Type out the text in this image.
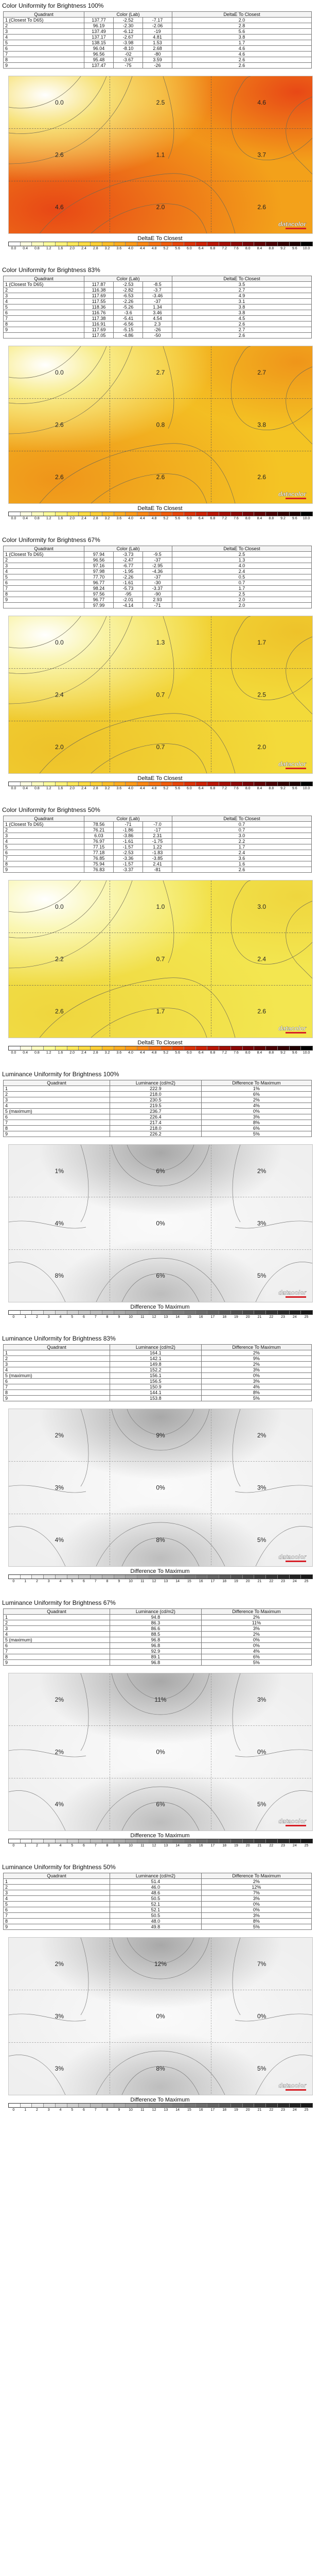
Color Uniformity for Brightness 100%
Quadrant	Color (Lab)			DeltaE To Closest
1 (Closest To D65)	137.77	-2.52	-7.17	2.0
2	96.19	-2.30	-2.06	2.8
3	137.49	-6.12	-19	5.6
4	137.17	-2.67	4.81	3.8
5	138.15	-3.98	1.53	1.7
6	96.04	-8.10	2.68	4.6
7	96.56	-02	-80	4.6
8	95.48	-3.67	3.59	2.6
9	137.47	-75	-26	2.6
0.0	2.5	4.6
2.6	1.1	3.7
4.6	2.0	2.6
datacolor
DeltaE To Closest
0.0	0.4	0.8	1.2	1.6	2.0	2.4	2.8	3.2	3.6	4.0	4.4	4.8	5.2	5.6	6.0	6.4	6.8	7.2	7.6	8.0	8.4	8.8	9.2	9.6	10.0
Color Uniformity for Brightness 83%
Quadrant	Color (Lab)			DeltaE To Closest
1 (Closest To D65)	117.87	-2.53	-8.5	3.5
2	116.38	-2.82	-3.7	2.7
3	117.69	-6.53	-3.46	4.9
4	117.55	-2.26	-37	3.1
5	118.36	-5.26	1.34	3.8
6	116.76	-3.6	3.46	3.8
7	117.38	-5.41	4.54	4.5
8	116.91	-6.56	2.3	2.6
9	117.69	-5.15	-26	2.7
	117.05	-4.86	-50	2.6
0.0	2.7	2.7
2.6	0.8	3.8
2.6	2.6	2.6
datacolor
DeltaE To Closest
0.0	0.4	0.8	1.2	1.6	2.0	2.4	2.8	3.2	3.6	4.0	4.4	4.8	5.2	5.6	6.0	6.4	6.8	7.2	7.6	8.0	8.4	8.8	9.2	9.6	10.0
Color Uniformity for Brightness 67%
Quadrant	Color (Lab)			DeltaE To Closest
1 (Closest To D65)	97.94	-3.73	-9.5	2.5
2	96.56	-2.47	-37	1.3
3	97.16	-6.77	-2.95	4.0
4	97.98	-1.95	-4.36	2.4
5	77.70	-2.26	-37	0.5
6	96.77	-1.61	-30	0.7
7	98.24	-5.73	-3.37	1.7
8	97.56	-95	-90	2.5
9	96.77	-2.01	2.93	2.0
	97.99	-4.14	-71	2.0
0.0	1.3	1.7
2.4	0.7	2.5
2.0	0.7	2.0
datacolor
DeltaE To Closest
0.0	0.4	0.8	1.2	1.6	2.0	2.4	2.8	3.2	3.6	4.0	4.4	4.8	5.2	5.6	6.0	6.4	6.8	7.2	7.6	8.0	8.4	8.8	9.2	9.6	10.0
Color Uniformity for Brightness 50%
Quadrant	Color (Lab)			DeltaE To Closest
1 (Closest To D65)	78.56	-71	-7.0	0.7
2	76.21	-1.86	-17	0.7
3	6.03	-3.86	2.31	3.0
4	76.97	-1.61	-1.75	2.2
5	77.15	-1.57	1.22	1.7
6	77.18	-2.53	-1.83	2.4
7	76.85	-3.36	-3.85	3.6
8	75.94	-1.57	2.41	1.6
9	76.83	-3.37	-81	2.6
0.0	1.0	3.0
2.2	0.7	2.4
2.6	1.7	2.6
datacolor
DeltaE To Closest
0.0	0.4	0.8	1.2	1.6	2.0	2.4	2.8	3.2	3.6	4.0	4.4	4.8	5.2	5.6	6.0	6.4	6.8	7.2	7.6	8.0	8.4	8.8	9.2	9.6	10.0
Luminance Uniformity for Brightness 100%
Quadrant	Luminance (cd/m2)	Difference To Maximum
1	222.9	1%
2	218.0	6%
3	230.5	2%
4	219.5	4%
5 (maximum)	236.7	0%
6	226.4	3%
7	217.4	8%
8	218.0	6%
9	226.2	5%
1%	6%	2%
4%	0%	3%
8%	6%	5%
datacolor
Difference To Maximum
0	1	2	3	4	5	6	7	8	9	10	11	12	13	14	15	16	17	18	19	20	21	22	23	24	25
Luminance Uniformity for Brightness 83%
Quadrant	Luminance (cd/m2)	Difference To Maximum
1	164.1	2%
2	142.1	9%
3	149.8	2%
4	152.2	3%
5 (maximum)	156.1	0%
6	156.5	3%
7	150.9	4%
8	144.1	8%
9	153.8	5%
2%	9%	2%
3%	0%	3%
4%	8%	5%
datacolor
Difference To Maximum
0	1	2	3	4	5	6	7	8	9	10	11	12	13	14	15	16	17	18	19	20	21	22	23	24	25
Luminance Uniformity for Brightness 67%
Quadrant	Luminance (cd/m2)	Difference To Maximum
1	94.8	2%
2	86.3	11%
3	86.6	3%
4	88.5	2%
5 (maximum)	96.8	0%
6	96.8	0%
7	92.9	4%
8	89.1	6%
9	96.8	5%
2%	11%	3%
2%	0%	0%
4%	6%	5%
datacolor
Difference To Maximum
0	1	2	3	4	5	6	7	8	9	10	11	12	13	14	15	16	17	18	19	20	21	22	23	24	25
Luminance Uniformity for Brightness 50%
Quadrant	Luminance (cd/m2)	Difference To Maximum
1	51.4	2%
2	46.0	12%
3	48.6	7%
4	50.5	3%
5	52.1	0%
6	52.1	0%
7	50.5	3%
8	48.0	8%
9	49.8	5%
2%	12%	7%
3%	0%	0%
3%	8%	5%
datacolor
Difference To Maximum
0	1	2	3	4	5	6	7	8	9	10	11	12	13	14	15	16	17	18	19	20	21	22	23	24	25
